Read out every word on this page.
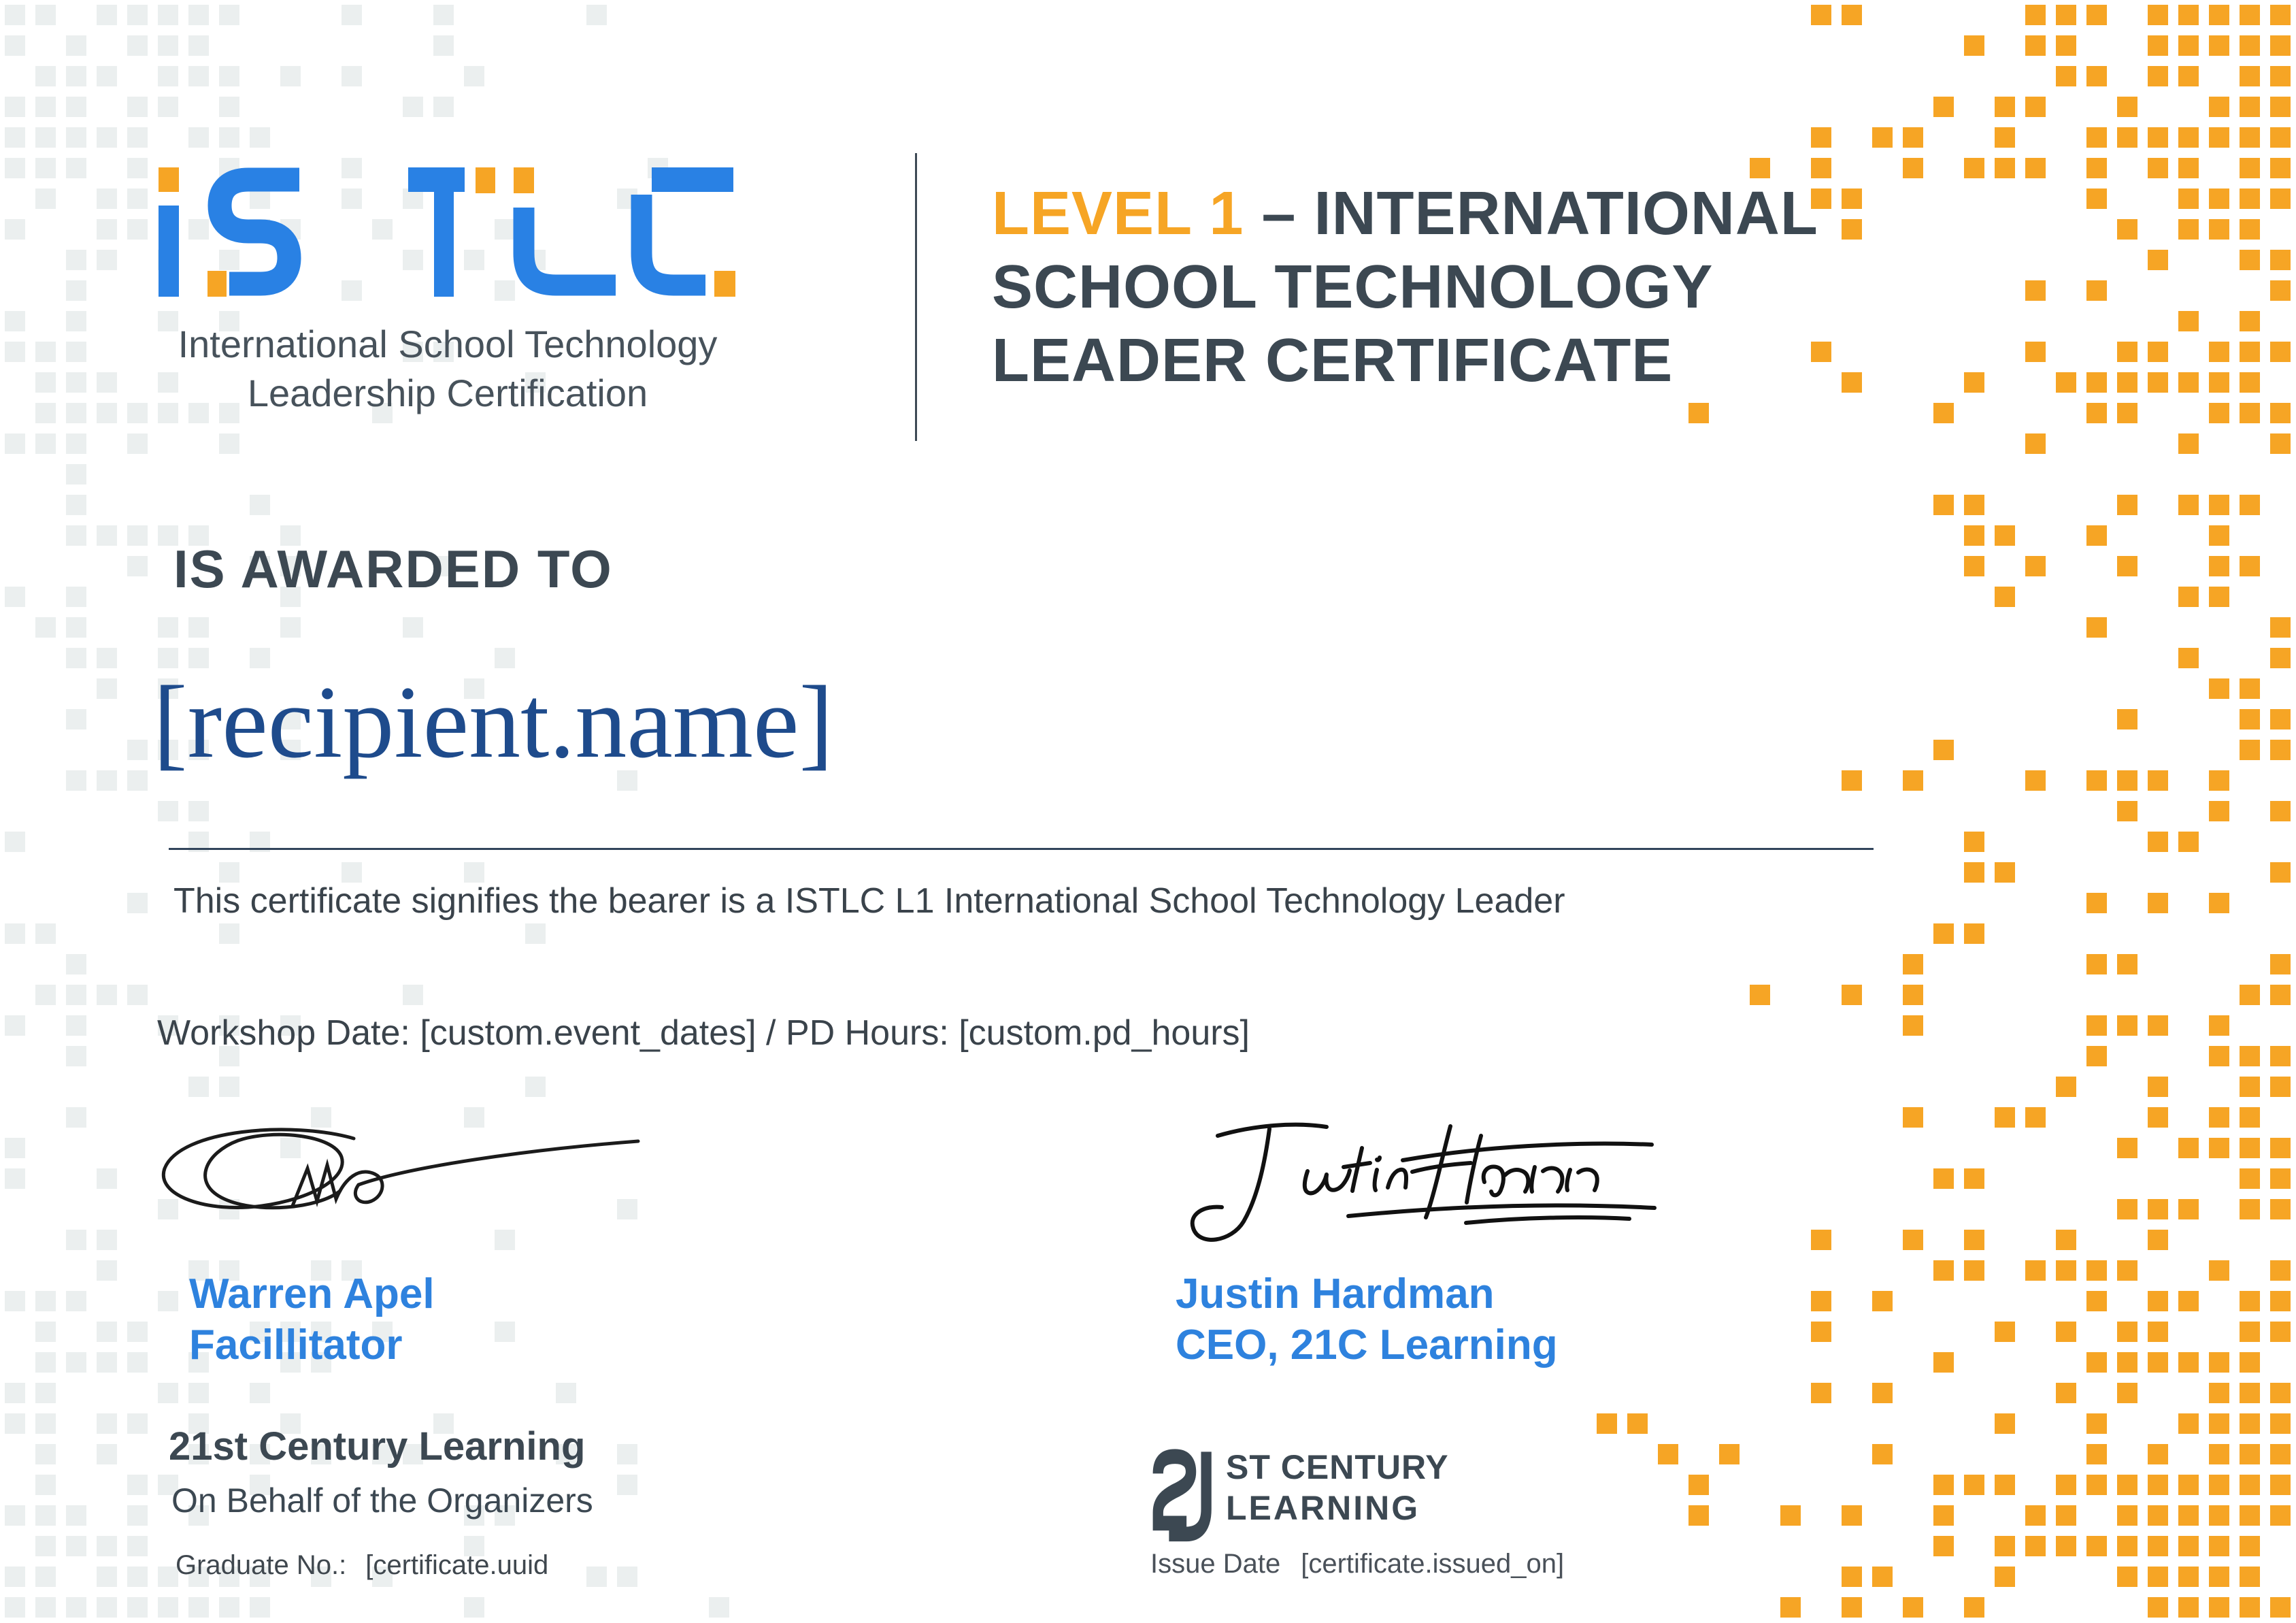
International School Technology
Leadership Certification
LEVEL 1 – INTERNATIONAL SCHOOL TECHNOLOGY LEADER CERTIFICATE
IS AWARDED TO
[recipient.name]
This certificate signifies the bearer is a ISTLC L1 International School Technology Leader
Workshop Date: [custom.event_dates] / PD Hours: [custom.pd_hours]
Warren Apel
Facillitator
Justin Hardman
CEO, 21C Learning
21st Century Learning
On Behalf of the Organizers
Graduate No.: [certificate.uuid
ST CENTURY
LEARNING
Issue Date [certificate.issued_on]
